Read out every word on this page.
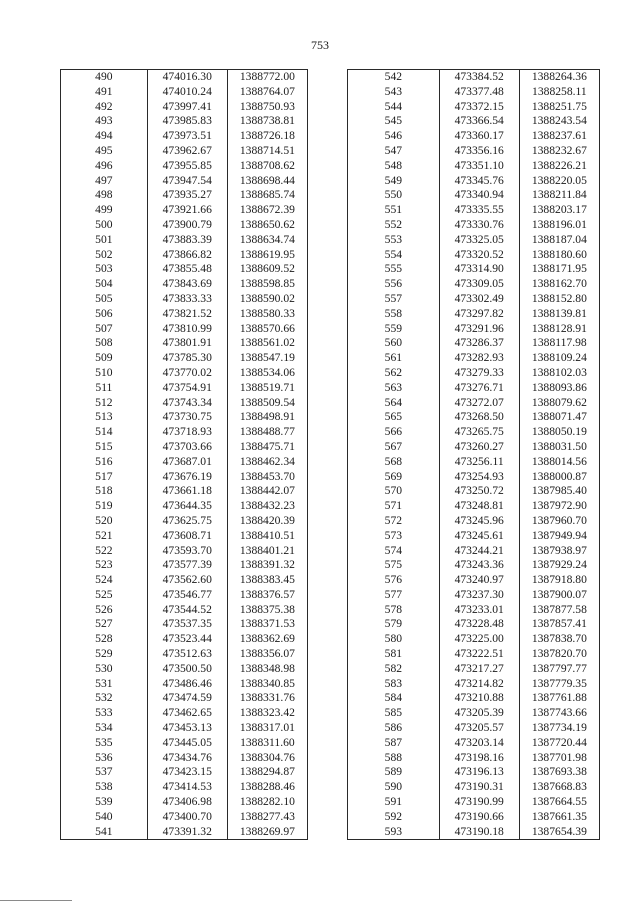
753
490	474016.30	1388772.00
491	474010.24	1388764.07
492	473997.41	1388750.93
493	473985.83	1388738.81
494	473973.51	1388726.18
495	473962.67	1388714.51
496	473955.85	1388708.62
497	473947.54	1388698.44
498	473935.27	1388685.74
499	473921.66	1388672.39
500	473900.79	1388650.62
501	473883.39	1388634.74
502	473866.82	1388619.95
503	473855.48	1388609.52
504	473843.69	1388598.85
505	473833.33	1388590.02
506	473821.52	1388580.33
507	473810.99	1388570.66
508	473801.91	1388561.02
509	473785.30	1388547.19
510	473770.02	1388534.06
511	473754.91	1388519.71
512	473743.34	1388509.54
513	473730.75	1388498.91
514	473718.93	1388488.77
515	473703.66	1388475.71
516	473687.01	1388462.34
517	473676.19	1388453.70
518	473661.18	1388442.07
519	473644.35	1388432.23
520	473625.75	1388420.39
521	473608.71	1388410.51
522	473593.70	1388401.21
523	473577.39	1388391.32
524	473562.60	1388383.45
525	473546.77	1388376.57
526	473544.52	1388375.38
527	473537.35	1388371.53
528	473523.44	1388362.69
529	473512.63	1388356.07
530	473500.50	1388348.98
531	473486.46	1388340.85
532	473474.59	1388331.76
533	473462.65	1388323.42
534	473453.13	1388317.01
535	473445.05	1388311.60
536	473434.76	1388304.76
537	473423.15	1388294.87
538	473414.53	1388288.46
539	473406.98	1388282.10
540	473400.70	1388277.43
541	473391.32	1388269.97
542	473384.52	1388264.36
543	473377.48	1388258.11
544	473372.15	1388251.75
545	473366.54	1388243.54
546	473360.17	1388237.61
547	473356.16	1388232.67
548	473351.10	1388226.21
549	473345.76	1388220.05
550	473340.94	1388211.84
551	473335.55	1388203.17
552	473330.76	1388196.01
553	473325.05	1388187.04
554	473320.52	1388180.60
555	473314.90	1388171.95
556	473309.05	1388162.70
557	473302.49	1388152.80
558	473297.82	1388139.81
559	473291.96	1388128.91
560	473286.37	1388117.98
561	473282.93	1388109.24
562	473279.33	1388102.03
563	473276.71	1388093.86
564	473272.07	1388079.62
565	473268.50	1388071.47
566	473265.75	1388050.19
567	473260.27	1388031.50
568	473256.11	1388014.56
569	473254.93	1388000.87
570	473250.72	1387985.40
571	473248.81	1387972.90
572	473245.96	1387960.70
573	473245.61	1387949.94
574	473244.21	1387938.97
575	473243.36	1387929.24
576	473240.97	1387918.80
577	473237.30	1387900.07
578	473233.01	1387877.58
579	473228.48	1387857.41
580	473225.00	1387838.70
581	473222.51	1387820.70
582	473217.27	1387797.77
583	473214.82	1387779.35
584	473210.88	1387761.88
585	473205.39	1387743.66
586	473205.57	1387734.19
587	473203.14	1387720.44
588	473198.16	1387701.98
589	473196.13	1387693.38
590	473190.31	1387668.83
591	473190.99	1387664.55
592	473190.66	1387661.35
593	473190.18	1387654.39
